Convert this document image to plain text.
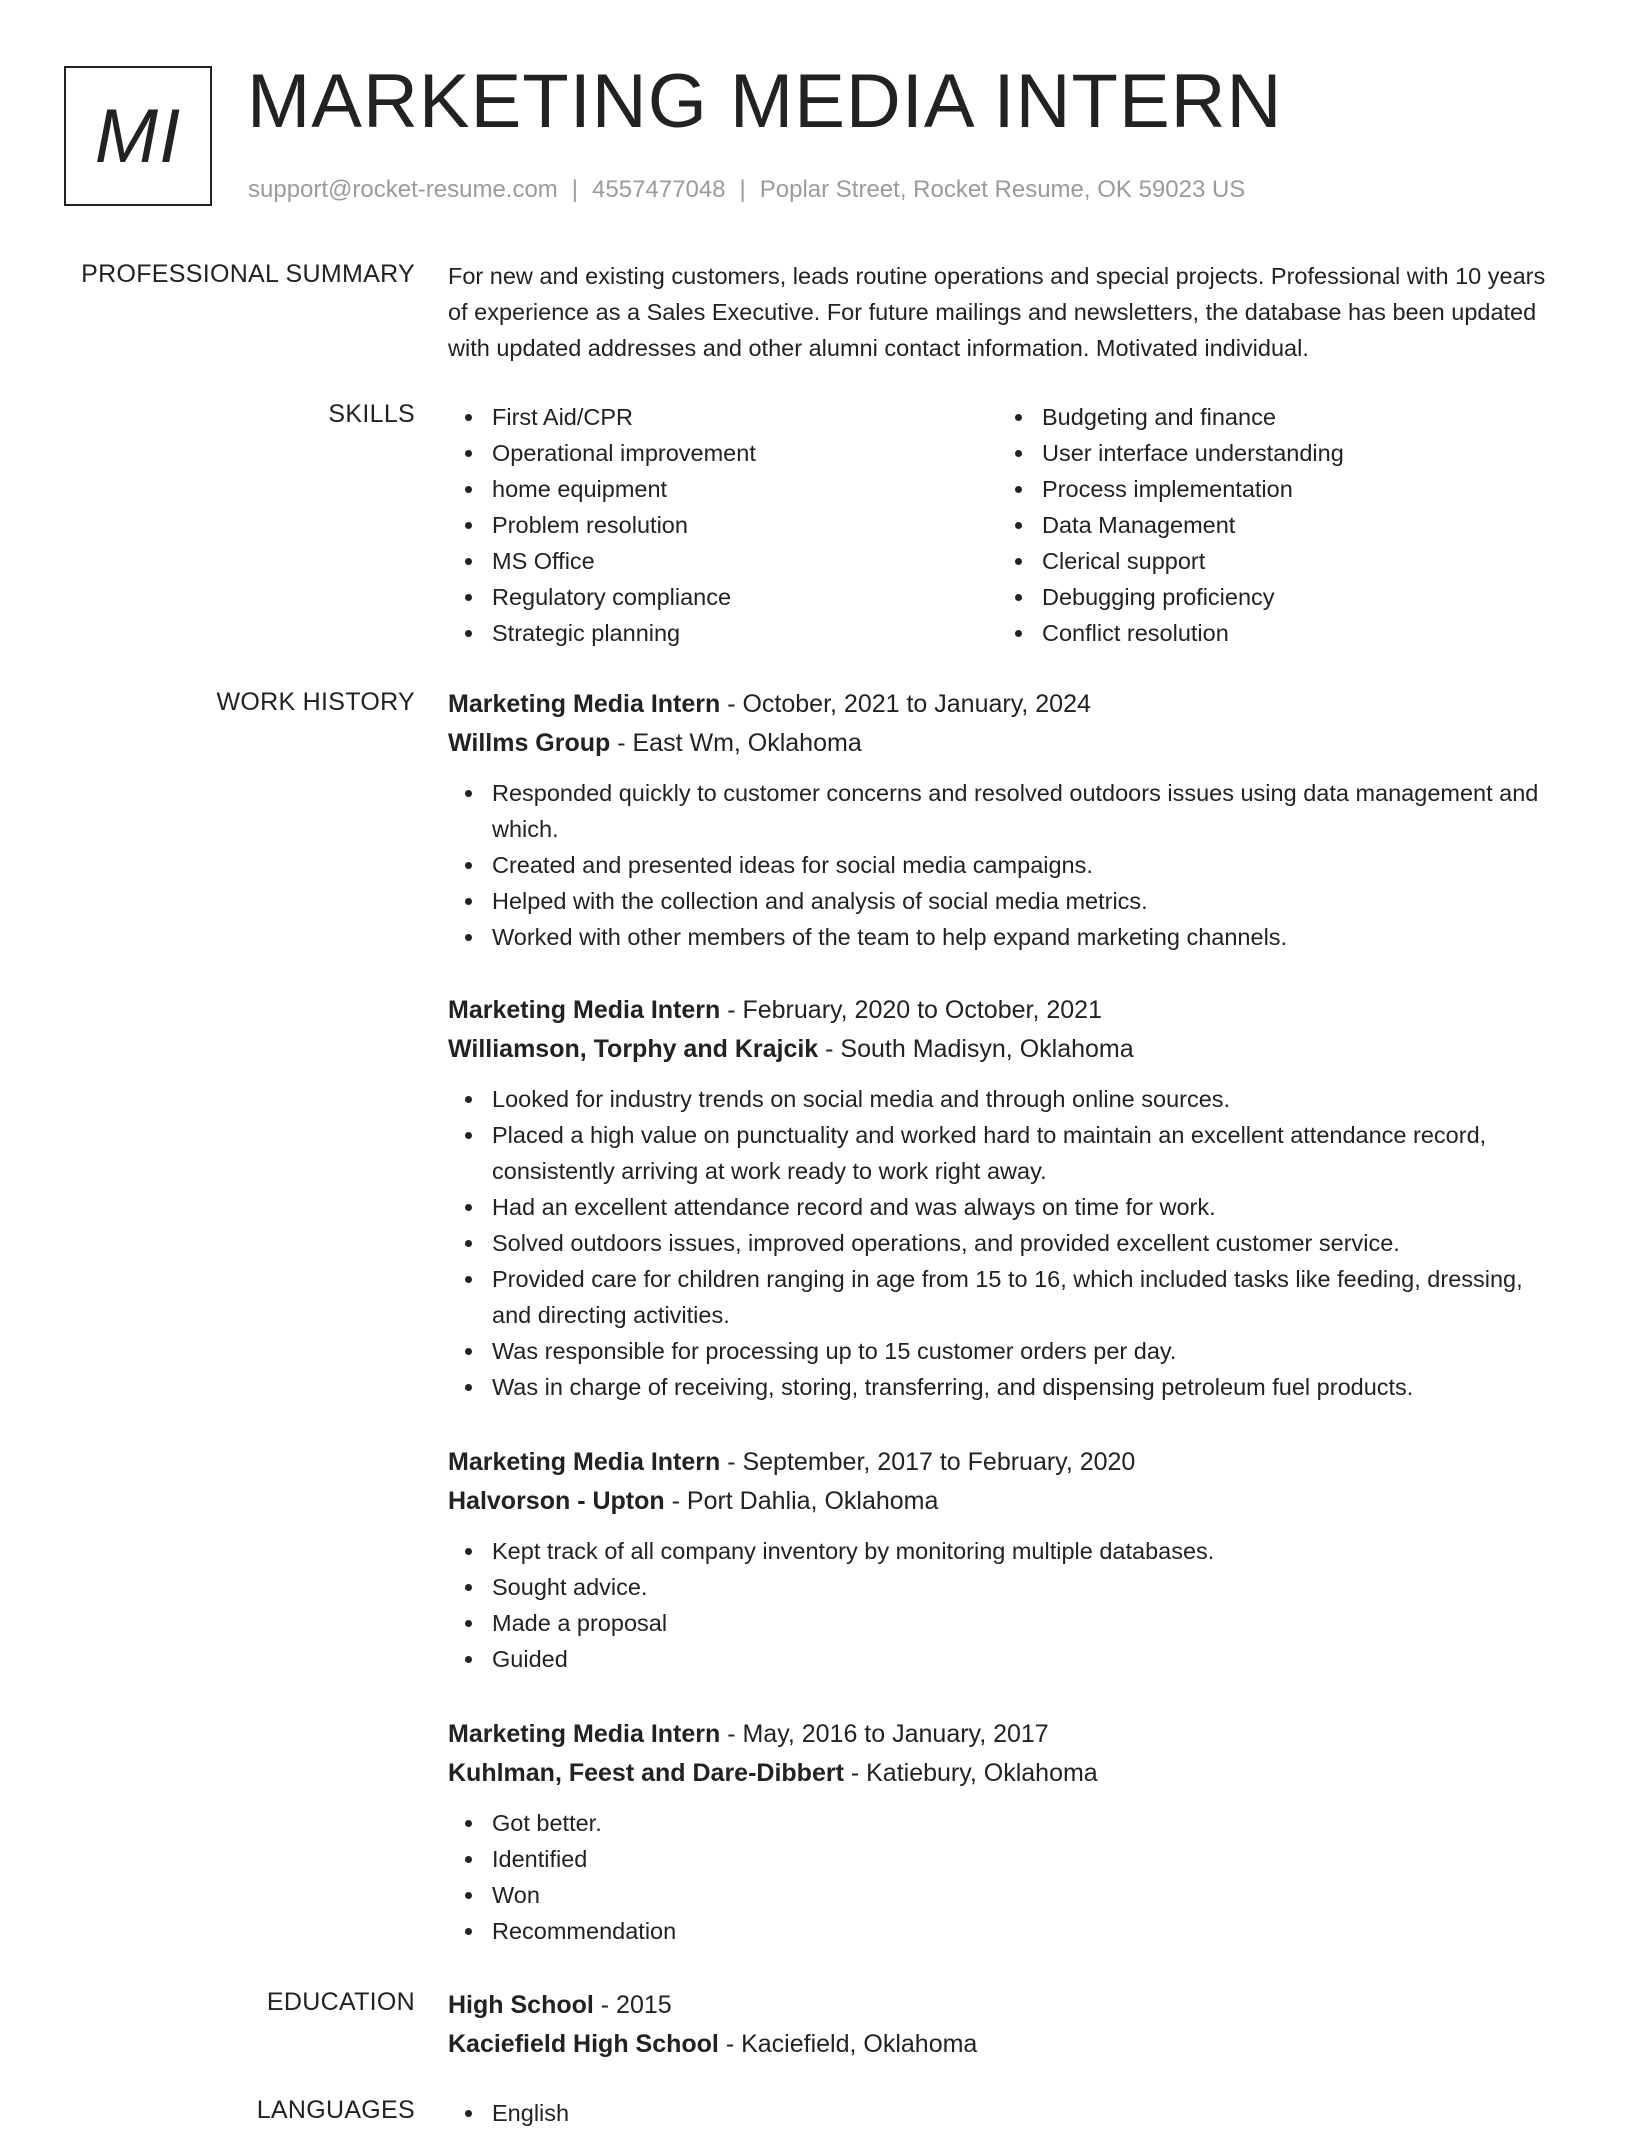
MI MARKETING MEDIA INTERN
support@rocket-resume.com | 4557477048 | Poplar Street, Rocket Resume, OK 59023 US
PROFESSIONAL SUMMARY For new and existing customers, leads routine operations and special projects. Professional with 10 years of experience as a Sales Executive. For future mailings and newsletters, the database has been updated with updated addresses and other alumni contact information. Motivated individual.
SKILLS	First Aid/CPR
Operational improvement
home equipment
Problem resolution
MS Office
Regulatory compliance
Strategic planning
Budgeting and finance
User interface understanding
Process implementation
Data Management
Clerical support
Debugging proficiency
Conflict resolution
WORK HISTORY Marketing Media Intern - October, 2021 to January, 2024
Willms Group - East Wm, Oklahoma
Responded quickly to customer concerns and resolved outdoors issues using data management and which.
Created and presented ideas for social media campaigns.
Helped with the collection and analysis of social media metrics.
Worked with other members of the team to help expand marketing channels.
Marketing Media Intern - February, 2020 to October, 2021
Williamson, Torphy and Krajcik - South Madisyn, Oklahoma
Looked for industry trends on social media and through online sources.
Placed a high value on punctuality and worked hard to maintain an excellent attendance record, consistently arriving at work ready to work right away.
Had an excellent attendance record and was always on time for work.
Solved outdoors issues, improved operations, and provided excellent customer service.
Provided care for children ranging in age from 15 to 16, which included tasks like feeding, dressing, and directing activities.
Was responsible for processing up to 15 customer orders per day.
Was in charge of receiving, storing, transferring, and dispensing petroleum fuel products.
Marketing Media Intern - September, 2017 to February, 2020
Halvorson - Upton - Port Dahlia, Oklahoma
Kept track of all company inventory by monitoring multiple databases.
Sought advice.
Made a proposal
Guided
Marketing Media Intern - May, 2016 to January, 2017
Kuhlman, Feest and Dare-Dibbert - Katiebury, Oklahoma
Got better.
Identified
Won
Recommendation
EDUCATION High School - 2015
Kaciefield High School - Kaciefield, Oklahoma
LANGUAGES	English
